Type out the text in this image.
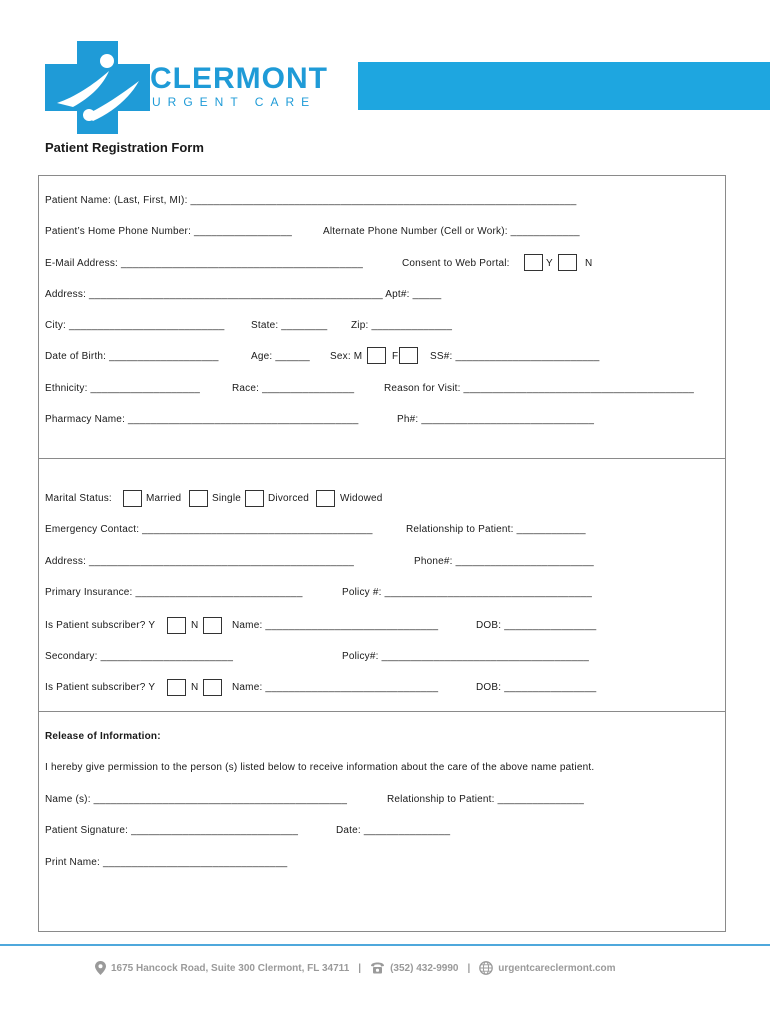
CLERMONT
URGENT CARE
Patient Registration Form
Patient Name: (Last, First, MI): ___________________________________________________________________
Patient’s Home Phone Number: _________________	Alternate Phone Number (Cell or Work): ____________
E-Mail Address: __________________________________________	Consent to Web Portal:	Y	N
Address: ___________________________________________________ Apt#: _____
City: ___________________________	State: ________ Zip: ______________
Date of Birth: ___________________	Age: ______ Sex: M	F	SS#: _________________________
Ethnicity: ___________________	Race: ________________	Reason for Visit: ________________________________________
Pharmacy Name: ________________________________________	Ph#: ______________________________
Marital Status:	Married	Single	Divorced	Widowed
Emergency Contact: ________________________________________	Relationship to Patient: ____________
Address: ______________________________________________	Phone#: ________________________
Primary Insurance: _____________________________	Policy #: ____________________________________
Is Patient subscriber? Y	N	Name: ______________________________	DOB: ________________
Secondary: _______________________	Policy#: ____________________________________
Is Patient subscriber? Y	N	Name: ______________________________	DOB: ________________
Release of Information:
I hereby give permission to the person (s) listed below to receive information about the care of the above name patient.
Name (s): ____________________________________________	Relationship to Patient: _______________
Patient Signature: _____________________________	Date: _______________
Print Name: ________________________________
1675 Hancock Road, Suite 300 Clermont, FL 34711 |	(352) 432-9990 |	urgentcareclermont.com
